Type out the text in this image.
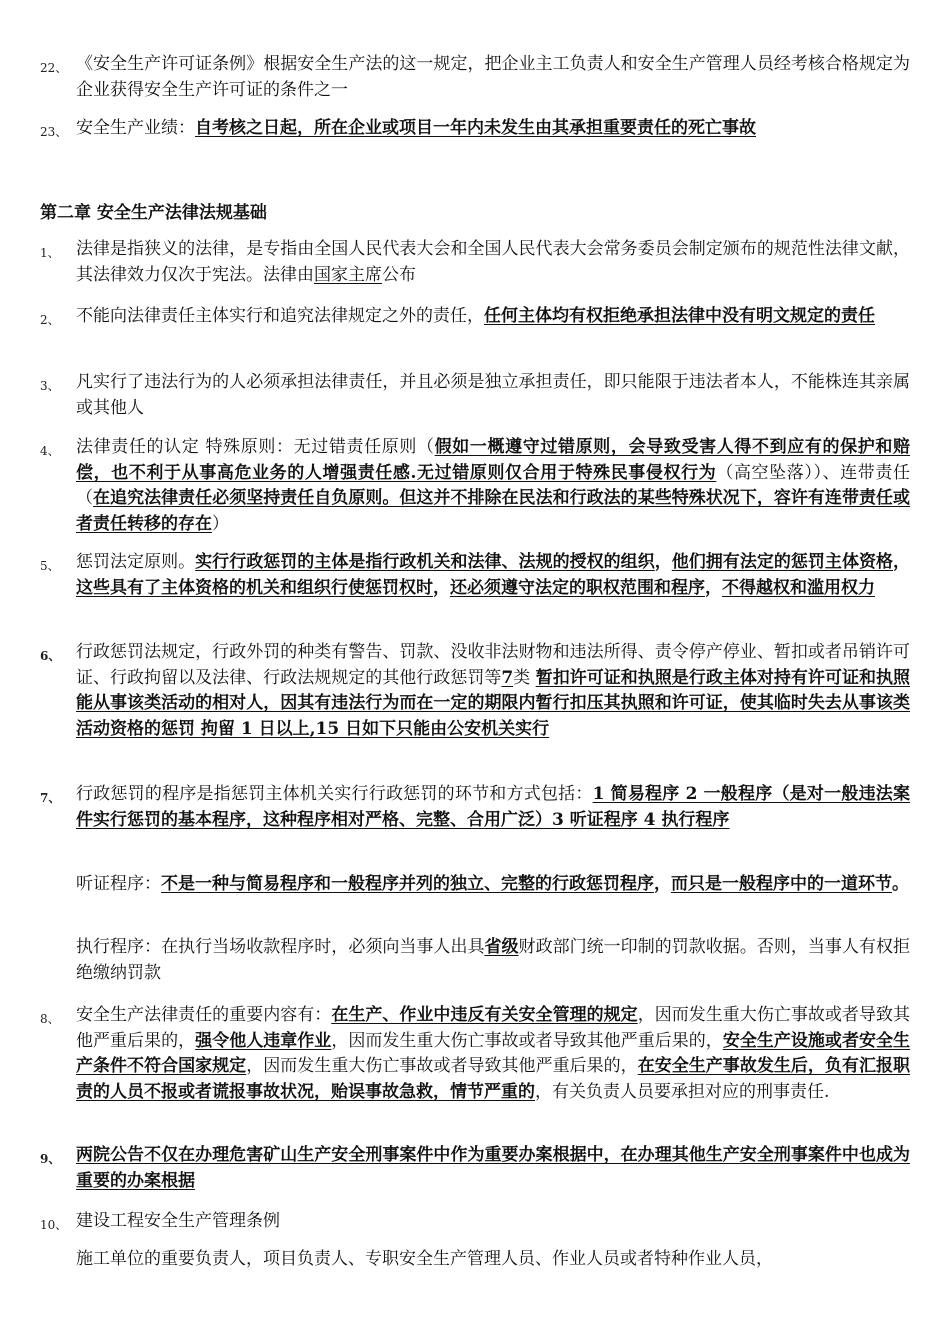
22、 《安全生产许可证条例》根据安全生产法的这一规定，把企业主工负责人和安全生产管理人员经考核合格规定为企业获得安全生产许可证的条件之一
23、 安全生产业绩：自考核之日起，所在企业或项目一年内未发生由其承担重要责任的死亡事故
第二章 安全生产法律法规基础
1、 法律是指狭义的法律，是专指由全国人民代表大会和全国人民代表大会常务委员会制定颁布的规范性法律文献，其法律效力仅次于宪法。法律由国家主席公布
2、 不能向法律责任主体实行和追究法律规定之外的责任，任何主体均有权拒绝承担法律中没有明文规定的责任
3、 凡实行了违法行为的人必须承担法律责任，并且必须是独立承担责任，即只能限于违法者本人，不能株连其亲属或其他人
4、 法律责任的认定 特殊原则：无过错责任原则（假如一概遵守过错原则，会导致受害人得不到应有的保护和赔偿，也不利于从事高危业务的人增强责任感.无过错原则仅合用于特殊民事侵权行为（高空坠落））、连带责任（在追究法律责任必须坚持责任自负原则。但这并不排除在民法和行政法的某些特殊状况下，容许有连带责任或者责任转移的存在）
5、 惩罚法定原则。实行行政惩罚的主体是指行政机关和法律、法规的授权的组织，他们拥有法定的惩罚主体资格，这些具有了主体资格的机关和组织行使惩罚权时，还必须遵守法定的职权范围和程序，不得越权和滥用权力
6、 行政惩罚法规定，行政外罚的种类有警告、罚款、没收非法财物和违法所得、责令停产停业、暂扣或者吊销许可证、行政拘留以及法律、行政法规规定的其他行政惩罚等7类 暂扣许可证和执照是行政主体对持有许可证和执照能从事该类活动的相对人，因其有违法行为而在一定的期限内暂行扣压其执照和许可证，使其临时失去从事该类活动资格的惩罚 拘留 1 日以上,15 日如下只能由公安机关实行
7、 行政惩罚的程序是指惩罚主体机关实行行政惩罚的环节和方式包括：1 简易程序 2 一般程序（是对一般违法案件实行惩罚的基本程序，这种程序相对严格、完整、合用广泛）3 听证程序 4 执行程序
听证程序：不是一种与简易程序和一般程序并列的独立、完整的行政惩罚程序，而只是一般程序中的一道环节。
执行程序：在执行当场收款程序时，必须向当事人出具省级财政部门统一印制的罚款收据。否则，当事人有权拒绝缴纳罚款
8、 安全生产法律责任的重要内容有：在生产、作业中违反有关安全管理的规定，因而发生重大伤亡事故或者导致其他严重后果的，强令他人违章作业，因而发生重大伤亡事故或者导致其他严重后果的，安全生产设施或者安全生产条件不符合国家规定，因而发生重大伤亡事故或者导致其他严重后果的，在安全生产事故发生后，负有汇报职责的人员不报或者谎报事故状况，贻误事故急救，情节严重的，有关负责人员要承担对应的刑事责任.
9、 两院公告不仅在办理危害矿山生产安全刑事案件中作为重要办案根据中，在办理其他生产安全刑事案件中也成为重要的办案根据
10、 建设工程安全生产管理条例
施工单位的重要负责人，项目负责人、专职安全生产管理人员、作业人员或者特种作业人员，
